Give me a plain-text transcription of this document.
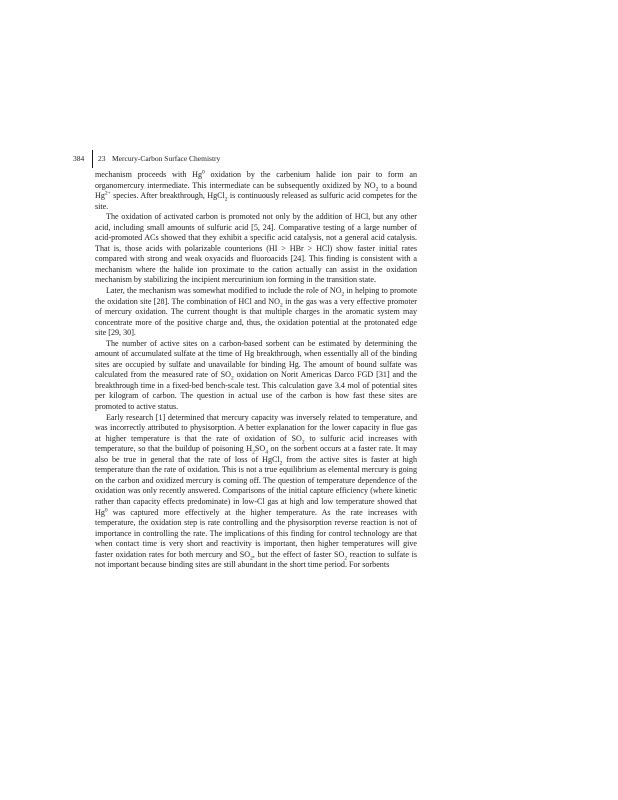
384 23 Mercury-Carbon Surface Chemistry

mechanism proceeds with Hg$^0$ oxidation by the carbenium halide ion pair to form an organomercury intermediate. This intermediate can be subsequently oxidized by $NO_2$ to a bound $Hg^{2+}$ species. After breakthrough, HgCl$_2$ is continuously released as sulfuric acid competes for the site.

The oxidation of activated carbon is promoted not only by the addition of HCl, but any other acid, including small amounts of sulfuric acid [5, 24]. Comparative testing of a large number of acid-promoted ACs showed that they exhibit a specific acid catalysis, not a general acid catalysis. That is, those acids with polarizable counterions (HI > HBr > HCl) show faster initial rates compared with strong and weak oxyacids and fluoroacids [24]. This finding is consistent with a mechanism where the halide ion proximate to the cation actually can assist in the oxidation mechanism by stabilizing the incipient mercurinium ion forming in the transition state.

Later, the mechanism was somewhat modified to include the role of $NO_2$ in helping to promote the oxidation site [28]. The combination of HCl and $NO_2$ in the gas was a very effective promoter of mercury oxidation. The current thought is that multiple charges in the aromatic system may concentrate more of the positive charge and, thus, the oxidation potential at the protonated edge site [29, 30].

The number of active sites on a carbon-based sorbent can be estimated by determining the amount of accumulated sulfate at the time of Hg breakthrough, when essentially all of the binding sites are occupied by sulfate and unavailable for binding Hg. The amount of bound sulfate was calculated from the measured rate of $SO_2$ oxidation on Norit Americas Darco FGD [31] and the breakthrough time in a fixed-bed bench-scale test. This calculation gave 3.4 mol of potential sites per kilogram of carbon. The question in actual use of the carbon is how fast these sites are promoted to active status.

Early research [1] determined that mercury capacity was inversely related to temperature, and was incorrectly attributed to physisorption. A better explanation for the lower capacity in flue gas at higher temperature is that the rate of oxidation of $SO_2$ to sulfuric acid increases with temperature, so that the buildup of poisoning $H_2SO_4$ on the sorbent occurs at a faster rate. It may also be true in general that the rate of loss of HgCl$_2$ from the active sites is faster at high temperature than the rate of oxidation. This is not a true equilibrium as elemental mercury is going on the carbon and oxidized mercury is coming off. The question of temperature dependence of the oxidation was only recently answered. Comparisons of the initial capture efficiency (where kinetic rather than capacity effects predominate) in low-Cl gas at high and low temperature showed that Hg$^0$ was captured more effectively at the higher temperature. As the rate increases with temperature, the oxidation step is rate controlling and the physisorption reverse reaction is not of importance in controlling the rate. The implications of this finding for control technology are that when contact time is very short and reactivity is important, then higher temperatures will give faster oxidation rates for both mercury and $SO_2$, but the effect of faster $SO_2$ reaction to sulfate is not important because binding sites are still abundant in the short time period. For sorbents
